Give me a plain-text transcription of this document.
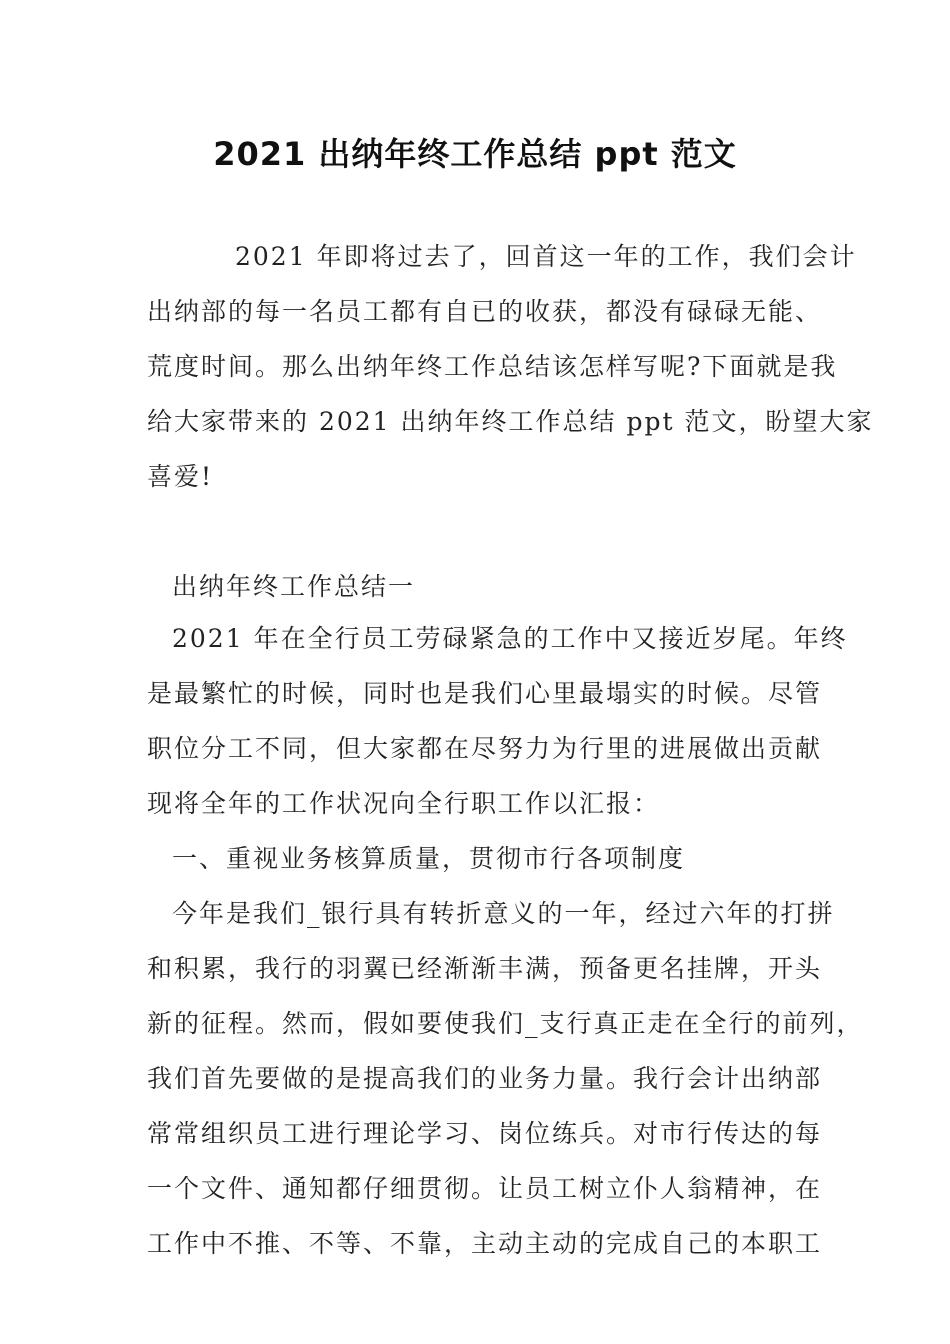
2021 出纳年终工作总结 ppt 范文
2021 年即将过去了，回首这一年的工作，我们会计
出纳部的每一名员工都有自已的收获，都没有碌碌无能、
荒度时间。那么出纳年终工作总结该怎样写呢?下面就是我
给大家带来的 2021 出纳年终工作总结 ppt 范文，盼望大家
喜爱!
出纳年终工作总结一
2021 年在全行员工劳碌紧急的工作中又接近岁尾。年终
是最繁忙的时候，同时也是我们心里最塌实的时候。尽管
职位分工不同，但大家都在尽努力为行里的进展做出贡献
现将全年的工作状况向全行职工作以汇报：
一、重视业务核算质量，贯彻市行各项制度
今年是我们_银行具有转折意义的一年，经过六年的打拼
和积累，我行的羽翼已经渐渐丰满，预备更名挂牌，开头
新的征程。然而，假如要使我们_支行真正走在全行的前列，
我们首先要做的是提高我们的业务力量。我行会计出纳部
常常组织员工进行理论学习、岗位练兵。对市行传达的每
一个文件、通知都仔细贯彻。让员工树立仆人翁精神，在
工作中不推、不等、不靠，主动主动的完成自己的本职工
